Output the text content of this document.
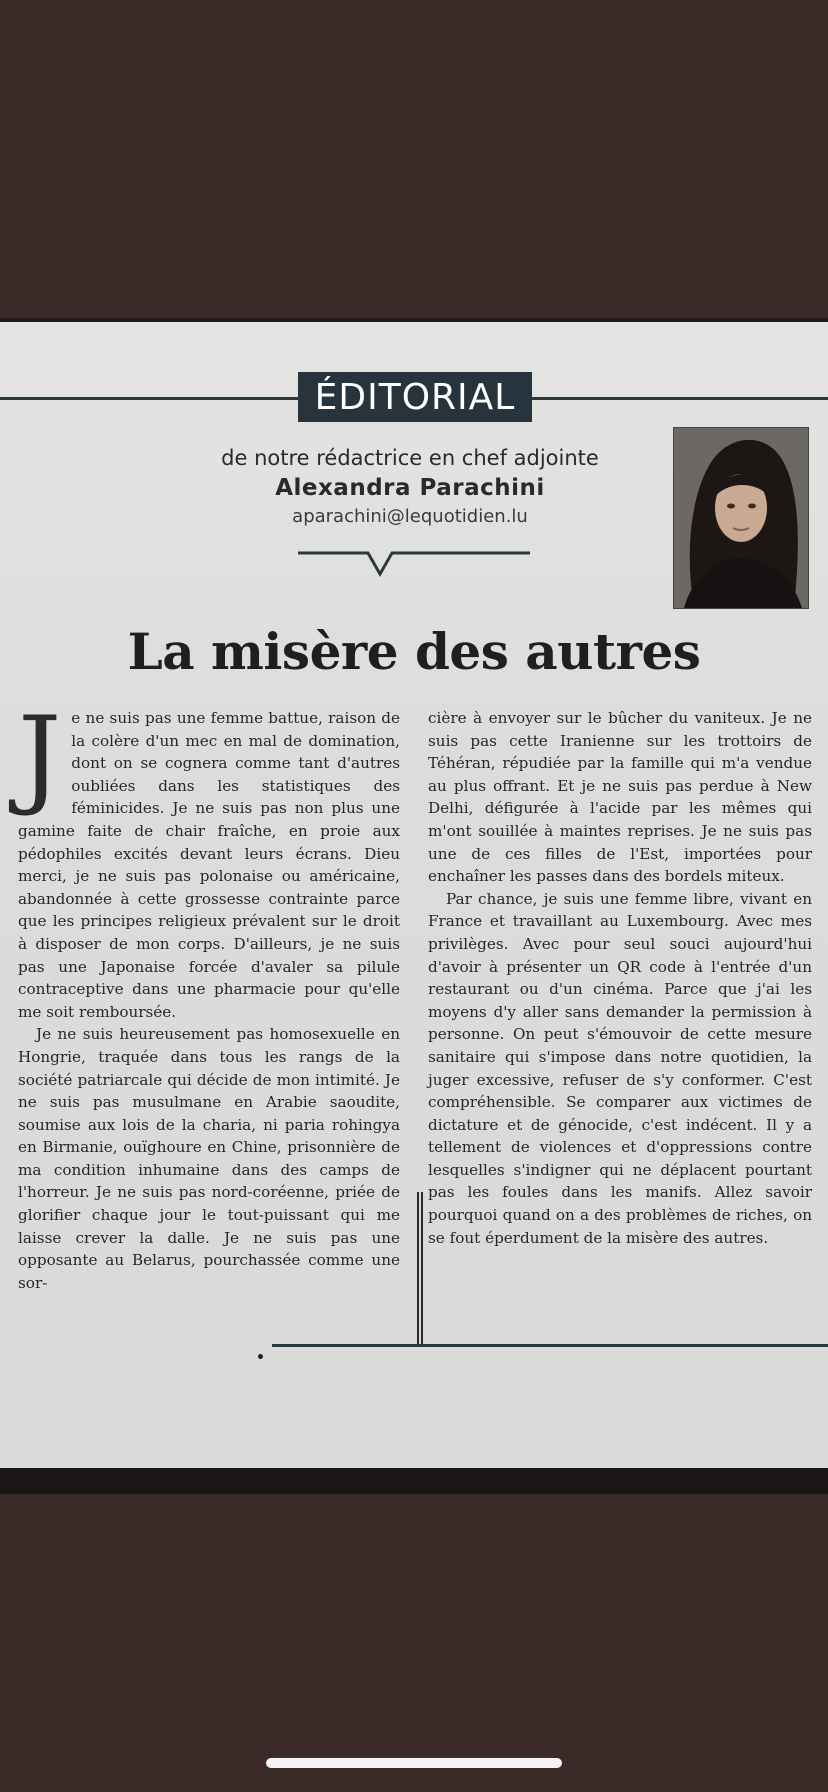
ÉDITORIAL
de notre rédactrice en chef adjointe
Alexandra Parachini
aparachini@lequotidien.lu
La misère des autres

Je ne suis pas une femme battue, raison de la colère d'un mec en mal de domination, dont on se cognera comme tant d'autres oubliées dans les statistiques des féminicides. Je ne suis pas non plus une gamine faite de chair fraîche, en proie aux pédophiles excités devant leurs écrans. Dieu merci, je ne suis pas polonaise ou américaine, abandonnée à cette grossesse contrainte parce que les principes religieux prévalent sur le droit à disposer de mon corps. D'ailleurs, je ne suis pas une Japonaise forcée d'avaler sa pilule contraceptive dans une pharmacie pour qu'elle me soit remboursée.

Je ne suis heureusement pas homosexuelle en Hongrie, traquée dans tous les rangs de la société patriarcale qui décide de mon intimité. Je ne suis pas musulmane en Arabie saoudite, soumise aux lois de la charia, ni paria rohingya en Birmanie, ouïghoure en Chine, prisonnière de ma condition inhumaine dans des camps de l'horreur. Je ne suis pas nord-coréenne, priée de glorifier chaque jour le tout-puissant qui me laisse crever la dalle. Je ne suis pas une opposante au Belarus, pourchassée comme une sor-

cière à envoyer sur le bûcher du vaniteux. Je ne suis pas cette Iranienne sur les trottoirs de Téhéran, répudiée par la famille qui m'a vendue au plus offrant. Et je ne suis pas perdue à New Delhi, défigurée à l'acide par les mêmes qui m'ont souillée à maintes reprises. Je ne suis pas une de ces filles de l'Est, importées pour enchaîner les passes dans des bordels miteux.

Par chance, je suis une femme libre, vivant en France et travaillant au Luxembourg. Avec mes privilèges. Avec pour seul souci aujourd'hui d'avoir à présenter un QR code à l'entrée d'un restaurant ou d'un cinéma. Parce que j'ai les moyens d'y aller sans demander la permission à personne. On peut s'émouvoir de cette mesure sanitaire qui s'impose dans notre quotidien, la juger excessive, refuser de s'y conformer. C'est compréhensible. Se comparer aux victimes de dictature et de génocide, c'est indécent. Il y a tellement de violences et d'oppressions contre lesquelles s'indigner qui ne déplacent pourtant pas les foules dans les manifs. Allez savoir pourquoi quand on a des problèmes de riches, on se fout éperdument de la misère des autres.
